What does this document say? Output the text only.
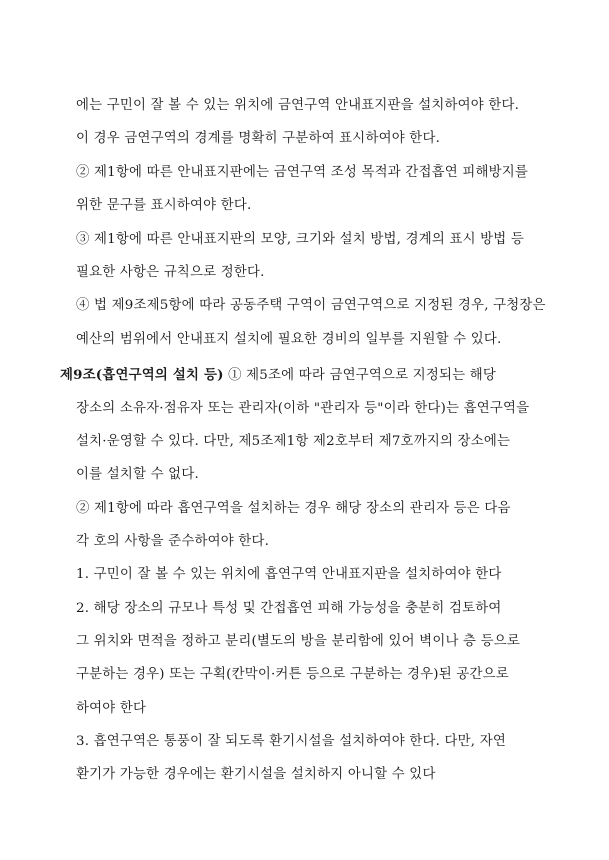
에는 구민이 잘 볼 수 있는 위치에 금연구역 안내표지판을 설치하여야 한다.
이 경우 금연구역의 경계를 명확히 구분하여 표시하여야 한다.
② 제1항에 따른 안내표지판에는 금연구역 조성 목적과 간접흡연 피해방지를
위한 문구를 표시하여야 한다.
③ 제1항에 따른 안내표지판의 모양, 크기와 설치 방법, 경계의 표시 방법 등
필요한 사항은 규칙으로 정한다.
④ 법 제9조제5항에 따라 공동주택 구역이 금연구역으로 지정된 경우, 구청장은
예산의 범위에서 안내표지 설치에 필요한 경비의 일부를 지원할 수 있다.
제9조(흡연구역의 설치 등) ① 제5조에 따라 금연구역으로 지정되는 해당
장소의 소유자·점유자 또는 관리자(이하 "관리자 등"이라 한다)는 흡연구역을
설치·운영할 수 있다. 다만, 제5조제1항 제2호부터 제7호까지의 장소에는
이를 설치할 수 없다.
② 제1항에 따라 흡연구역을 설치하는 경우 해당 장소의 관리자 등은 다음
각 호의 사항을 준수하여야 한다.
1. 구민이 잘 볼 수 있는 위치에 흡연구역 안내표지판을 설치하여야 한다
2. 해당 장소의 규모나 특성 및 간접흡연 피해 가능성을 충분히 검토하여
그 위치와 면적을 정하고 분리(별도의 방을 분리함에 있어 벽이나 층 등으로
구분하는 경우) 또는 구획(칸막이·커튼 등으로 구분하는 경우)된 공간으로
하여야 한다
3. 흡연구역은 통풍이 잘 되도록 환기시설을 설치하여야 한다. 다만, 자연
환기가 가능한 경우에는 환기시설을 설치하지 아니할 수 있다
